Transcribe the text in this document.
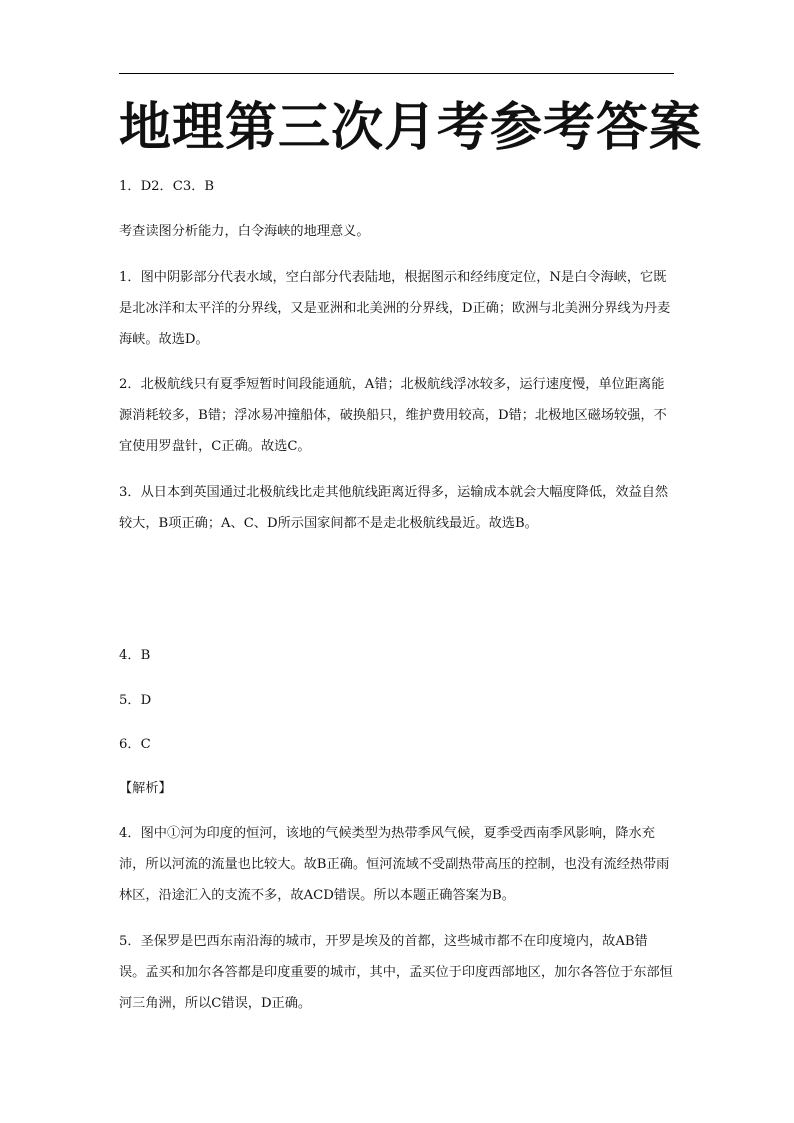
地理第三次月考参考答案
1．D2．C3．B
考查读图分析能力，白令海峡的地理意义。
1．图中阴影部分代表水域，空白部分代表陆地，根据图示和经纬度定位，N是白令海峡，它既是北冰洋和太平洋的分界线，又是亚洲和北美洲的分界线，D正确；欧洲与北美洲分界线为丹麦海峡。故选D。
2．北极航线只有夏季短暂时间段能通航，A错；北极航线浮冰较多，运行速度慢，单位距离能源消耗较多，B错；浮冰易冲撞船体，破换船只，维护费用较高，D错；北极地区磁场较强，不宜使用罗盘针，C正确。故选C。
3．从日本到英国通过北极航线比走其他航线距离近得多，运输成本就会大幅度降低，效益自然较大，B项正确；A、C、D所示国家间都不是走北极航线最近。故选B。
4．B
5．D
6．C
【解析】
4．图中①河为印度的恒河，该地的气候类型为热带季风气候，夏季受西南季风影响，降水充沛，所以河流的流量也比较大。故B正确。恒河流域不受副热带高压的控制，也没有流经热带雨林区，沿途汇入的支流不多，故ACD错误。所以本题正确答案为B。
5．圣保罗是巴西东南沿海的城市，开罗是埃及的首都，这些城市都不在印度境内，故AB错误。孟买和加尔各答都是印度重要的城市，其中，孟买位于印度西部地区，加尔各答位于东部恒河三角洲，所以C错误，D正确。
